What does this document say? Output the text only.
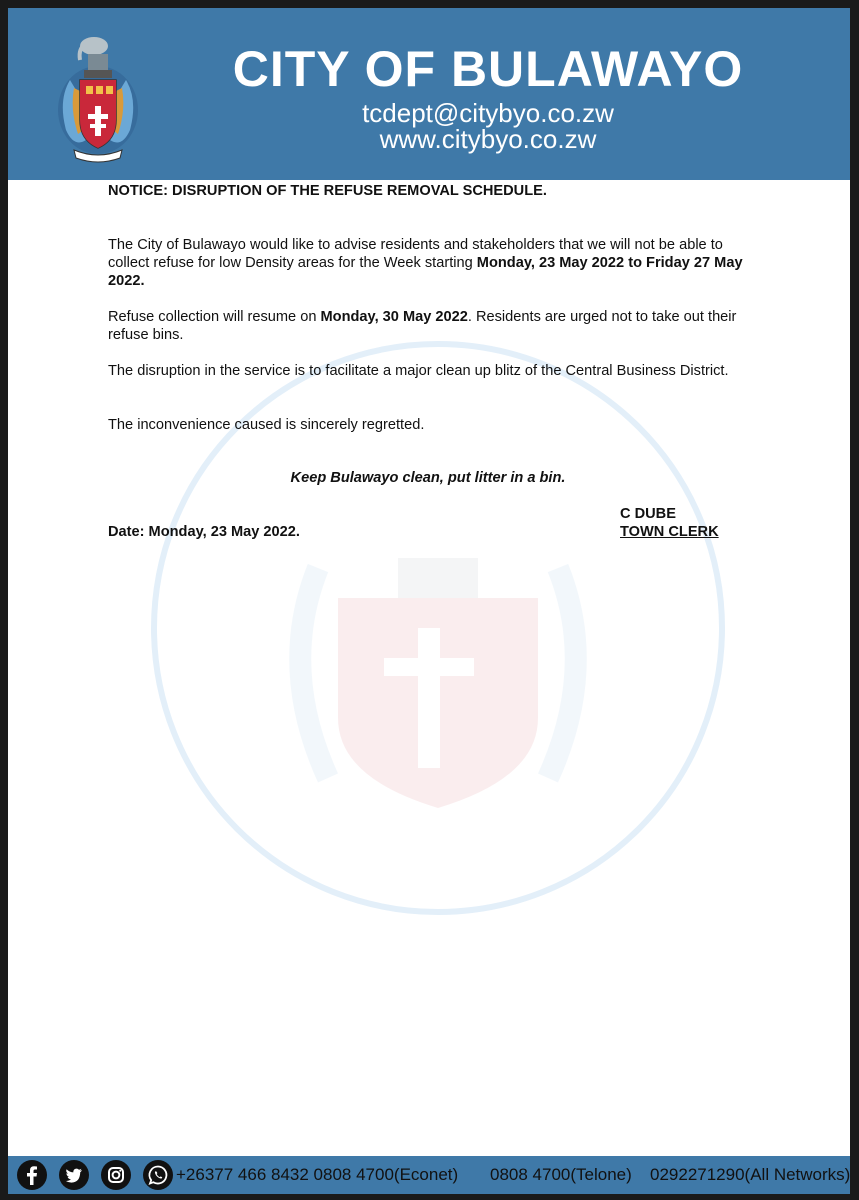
CITY OF BULAWAYO
tcdept@citybyo.co.zw
www.citybyo.co.zw
NOTICE: DISRUPTION OF THE REFUSE REMOVAL SCHEDULE.
The City of Bulawayo would like to advise residents and stakeholders that we will not be able to collect refuse for low Density areas for the Week starting Monday, 23 May 2022 to Friday 27 May 2022.
Refuse collection will resume on Monday, 30 May 2022. Residents are urged not to take out their refuse bins.
The disruption in the service is to facilitate a major clean up blitz of the Central Business District.
The inconvenience caused is sincerely regretted.
Keep Bulawayo clean, put litter in a bin.
Date: Monday, 23 May 2022.
C DUBE
TOWN CLERK
+26377 466 8432 0808 4700(Econet) 0808 4700(Telone) 0292271290(All Networks)
